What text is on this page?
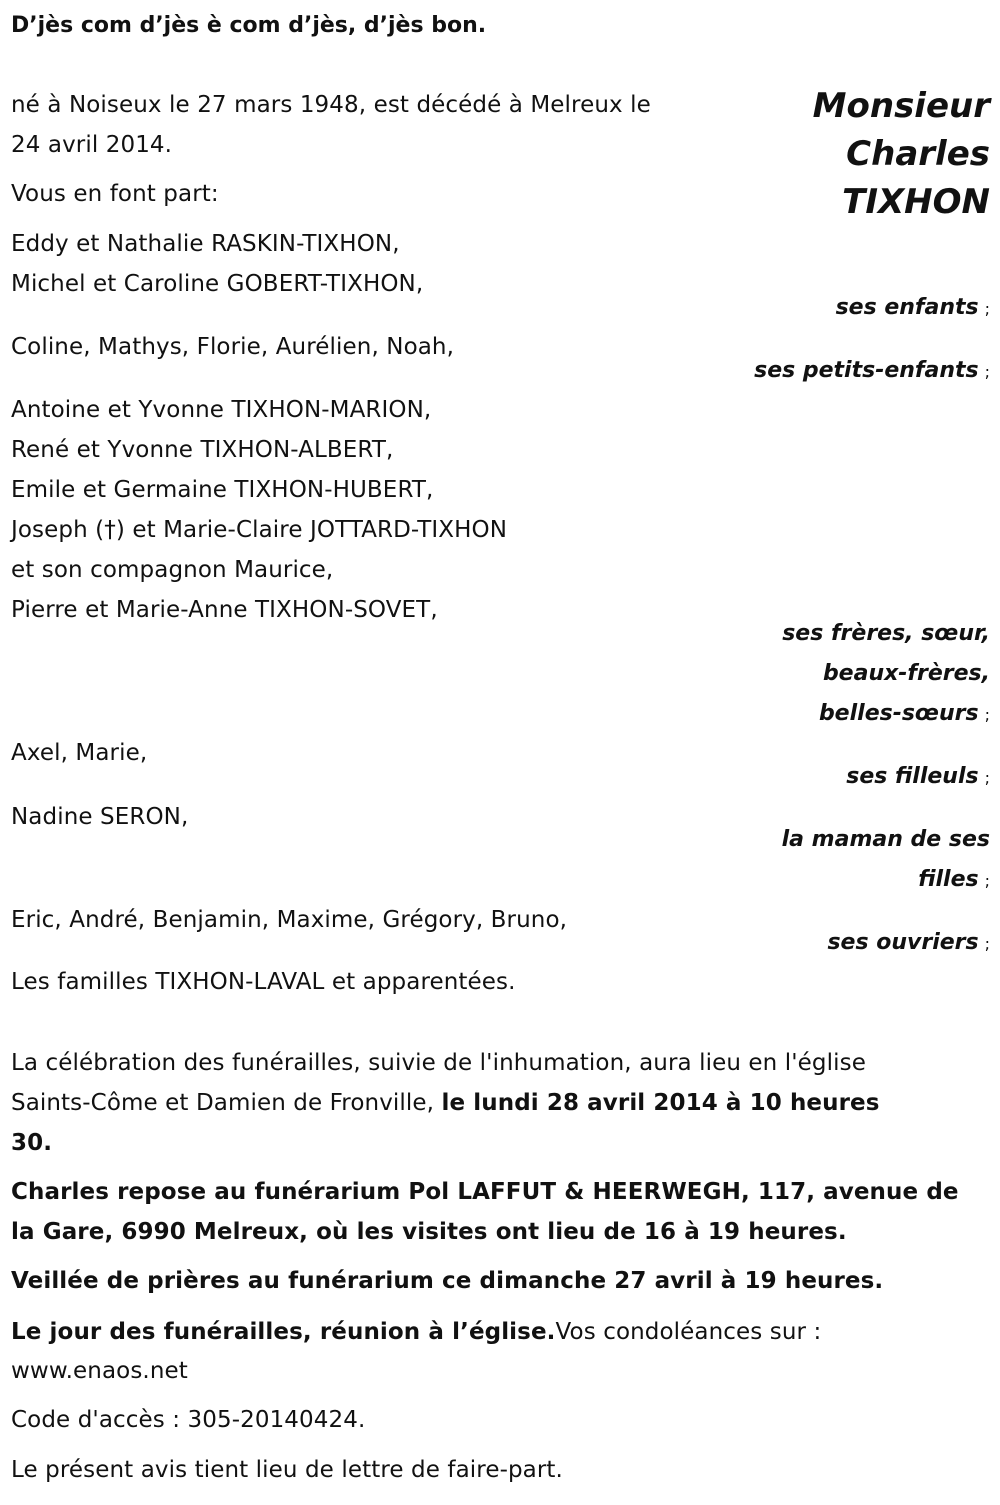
D’jès com d’jès è com d’jès, d’jès bon.
Monsieur
Charles
TIXHON
né à Noiseux le 27 mars 1948, est décédé à Melreux le
24 avril 2014.
Vous en font part:
Eddy et Nathalie RASKIN-TIXHON,
Michel et Caroline GOBERT-TIXHON,
ses enfants ;
Coline, Mathys, Florie, Aurélien, Noah,
ses petits-enfants ;
Antoine et Yvonne TIXHON-MARION,
René et Yvonne TIXHON-ALBERT,
Emile et Germaine TIXHON-HUBERT,
Joseph (†) et Marie-Claire JOTTARD-TIXHON
et son compagnon Maurice,
Pierre et Marie-Anne TIXHON-SOVET,
ses frères, sœur,
beaux-frères,
belles-sœurs ;
Axel, Marie,
ses filleuls ;
Nadine SERON,
la maman de ses
filles ;
Eric, André, Benjamin, Maxime, Grégory, Bruno,
ses ouvriers ;
Les familles TIXHON-LAVAL et apparentées.
La célébration des funérailles, suivie de l'inhumation, aura lieu en l'église
Saints-Côme et Damien de Fronville, le lundi 28 avril 2014 à 10 heures
30.
Charles repose au funérarium Pol LAFFUT & HEERWEGH, 117, avenue de
la Gare, 6990 Melreux, où les visites ont lieu de 16 à 19 heures.
Veillée de prières au funérarium ce dimanche 27 avril à 19 heures.
Le jour des funérailles, réunion à l’église.Vos condoléances sur :
www.enaos.net
Code d'accès : 305-20140424.
Le présent avis tient lieu de lettre de faire-part.
